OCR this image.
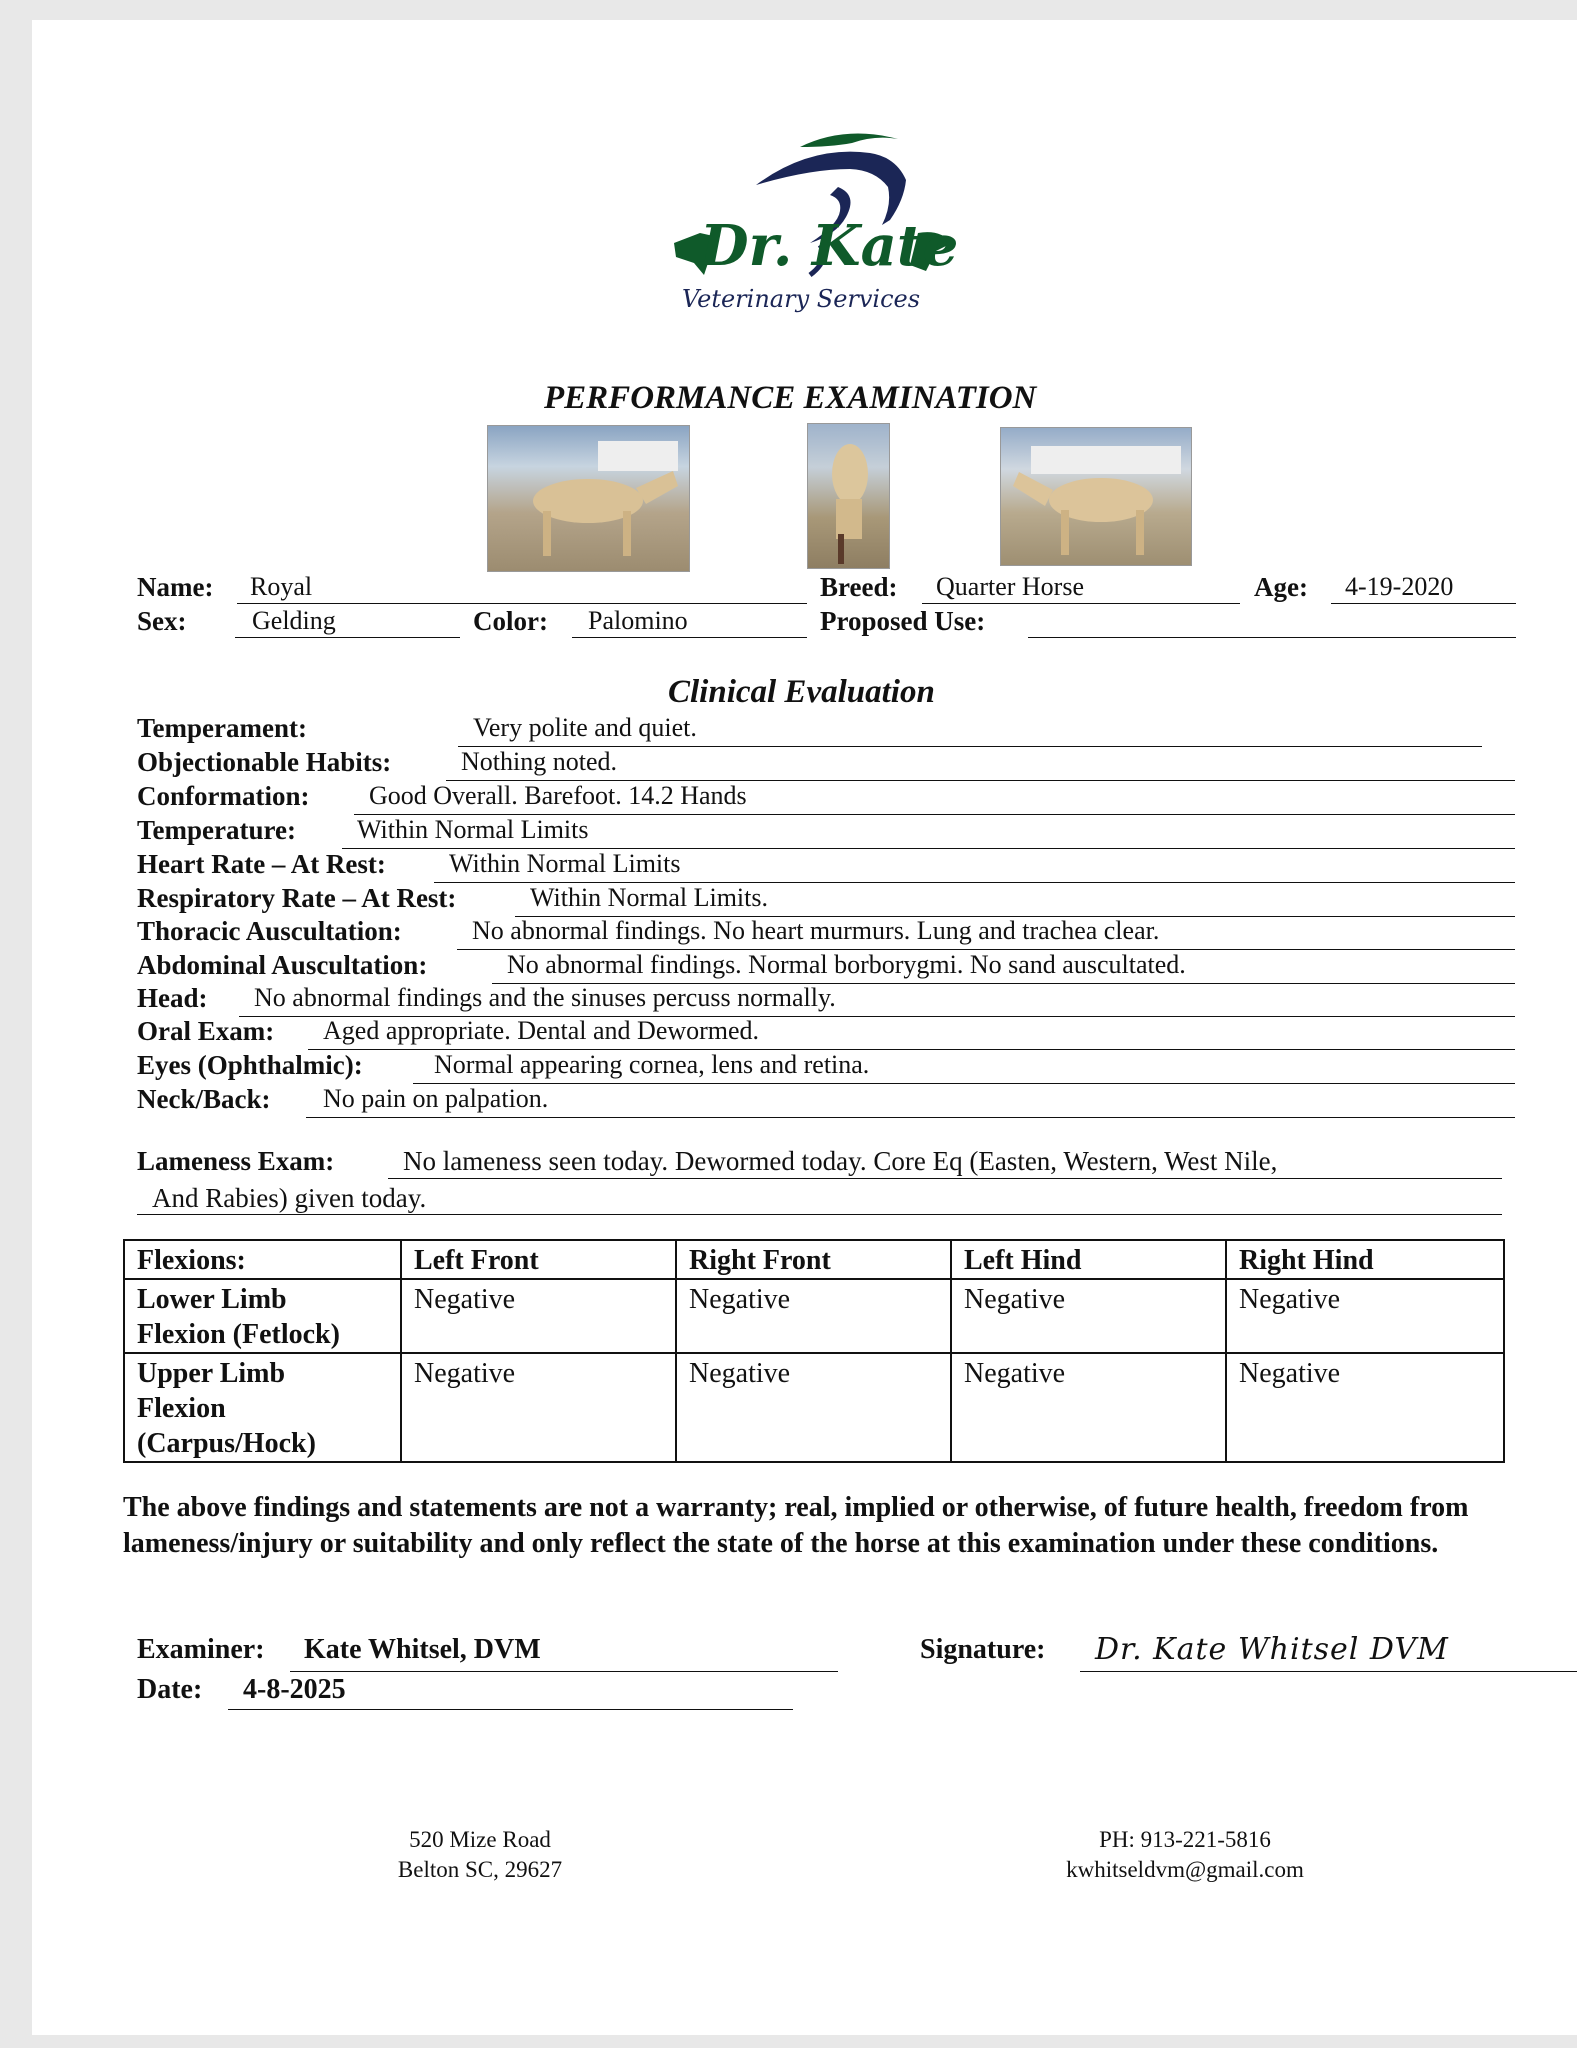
Dr. Kate
Veterinary Services
PERFORMANCE EXAMINATION
Name: Royal	Breed: Quarter Horse	Age: 4-19-2020
Sex:	Gelding	Color: Palomino	Proposed Use:
Clinical Evaluation
Temperament:	Very polite and quiet.
Objectionable Habits:	Nothing noted.
Conformation: Good Overall. Barefoot. 14.2 Hands
Temperature: Within Normal Limits
Heart Rate – At Rest: Within Normal Limits
Respiratory Rate – At Rest:	Within Normal Limits.
Thoracic Auscultation:	No abnormal findings. No heart murmurs. Lung and trachea clear.
Abdominal Auscultation:	No abnormal findings. Normal borborygmi. No sand auscultated.
Head: No abnormal findings and the sinuses percuss normally.
Oral Exam: Aged appropriate. Dental and Dewormed.
Eyes (Ophthalmic):	Normal appearing cornea, lens and retina.
Neck/Back: No pain on palpation.
Lameness Exam:	No lameness seen today. Dewormed today. Core Eq (Easten, Western, West Nile,
And Rabies) given today.
Flexions:	Left Front	Right Front	Left Hind	Right Hind

Lower Limb
Flexion (Fetlock)	Negative	Negative	Negative	Negative

Upper Limb
Flexion
(Carpus/Hock)	Negative	Negative	Negative	Negative
The above findings and statements are not a warranty; real, implied or otherwise, of future health, freedom from lameness/injury or suitability and only reflect the state of the horse at this examination under these conditions.
Examiner: Kate Whitsel, DVM	Signature: Dr. Kate Whitsel DVM
Date: 4-8-2025
520 Mize Road
Belton SC, 29627
PH: 913-221-5816
kwhitseldvm@gmail.com
